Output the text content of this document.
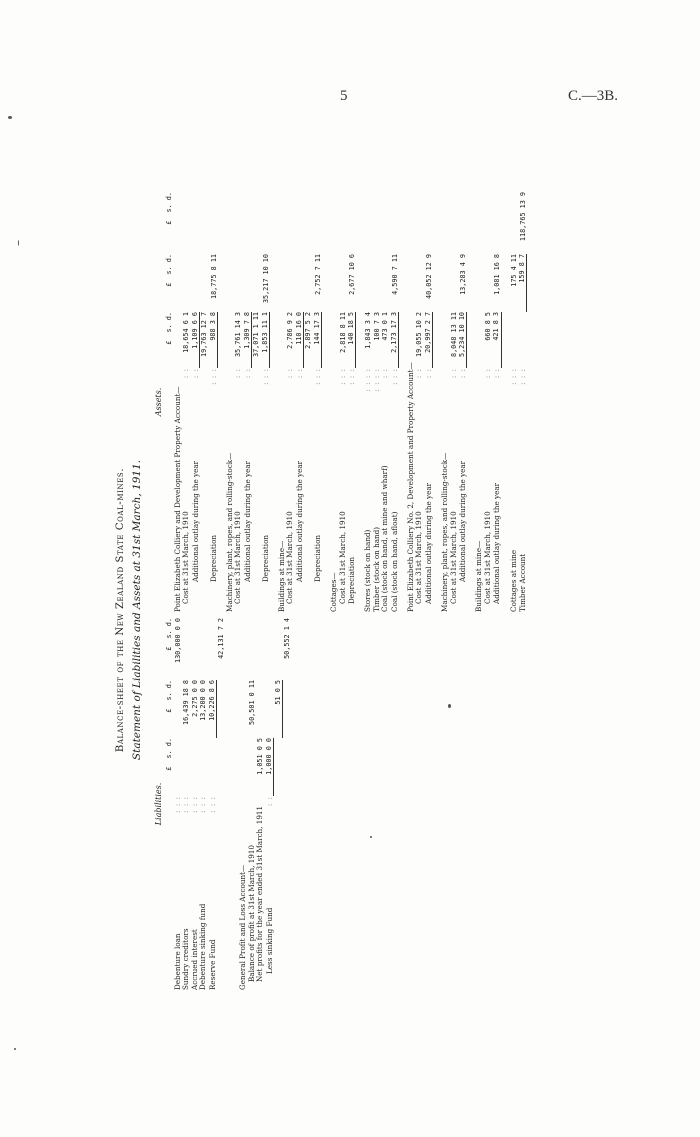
5	C.—3B.
Balance-sheet of the New Zealand State Coal-mines. Statement of Liabilities and Assets at 31st March, 1911.
Liabilities.
£  s. d.
£  s. d.
£  s. d.
Debenture loan
: : :
130,000 0 0
Sundry creditors
: : :
16,439 18 8
Accrued interest
: : :
2,275 0 0
Debenture sinking fund
: : :
13,200 0 0
Reserve Fund
: : :
10,226 8 6
42,131 7 2
General Profit and Loss Account— Balance of profit at 31st March, 1910
50,501 0 11
Net profits for the year ended 31st March, 1911
1,051 0 5
Less sinking Fund
: :
1,000 0 0
51 0 5
50,552 1 4
Assets.
£  s. d.
£  s. d.
£  s. d.
Point Elizabeth Colliery and Development Property Account— Cost at 31st March, 1910
: :
18,654 6 1
Additional outlay during the year
: :
1,109 6 6 19,763 12 7
Depreciation
: : :
988 3 8
18,775 8 11
Machinery, plant, ropes, and rolling-stock— Cost at 31st March, 1910
: :
35,761 14 3
Additional outlay during the year
: :
1,309 7 8 37,071 1 11
Depreciation
: : :
1,853 11 1
35,217 10 10
Buildings at mine— Cost at 31st March, 1910
: :
2,786 9 2
Additional outlay during the year
: :
110 16 0 2,897 5 2
Depreciation
: : :
144 17 3
2,752 7 11
Cottages— Cost at 31st March, 1910
: : :
2,818 8 11
Depreciation
: : :
140 18 5
2,677 10 6
Stores (stock on hand)
: : : :
1,843 3 4
Timber (stock on hand)
: : : :
100 7 3
Coal (stock on hand, at mine and wharf)
: :
473 0 1
Coal (stock on hand, afloat)
: : :
2,173 17 3
4,590 7 11
Point Elizabeth Colliery No. 2, Development and Property Account— Cost at 31st March, 1910
: :
19,055 10 2
Additional outlay during the year
: :
20,997 2 7
40,052 12 9
Machinery, plant, ropes, and rolling-stock— Cost at 31st March, 1910
: :
8,048 13 11
Additional outlay during the year
: :
5,234 10 10
13,283 4 9
Buildings at mine— Cost at 31st March, 1910
: :
660 8 5
Additional outlay during the year
: :
421 8 3
1,081 16 8
Cottages at mine
: : :
175 4 11
Timber Account
: : :
159 8 7
118,765 13 9
